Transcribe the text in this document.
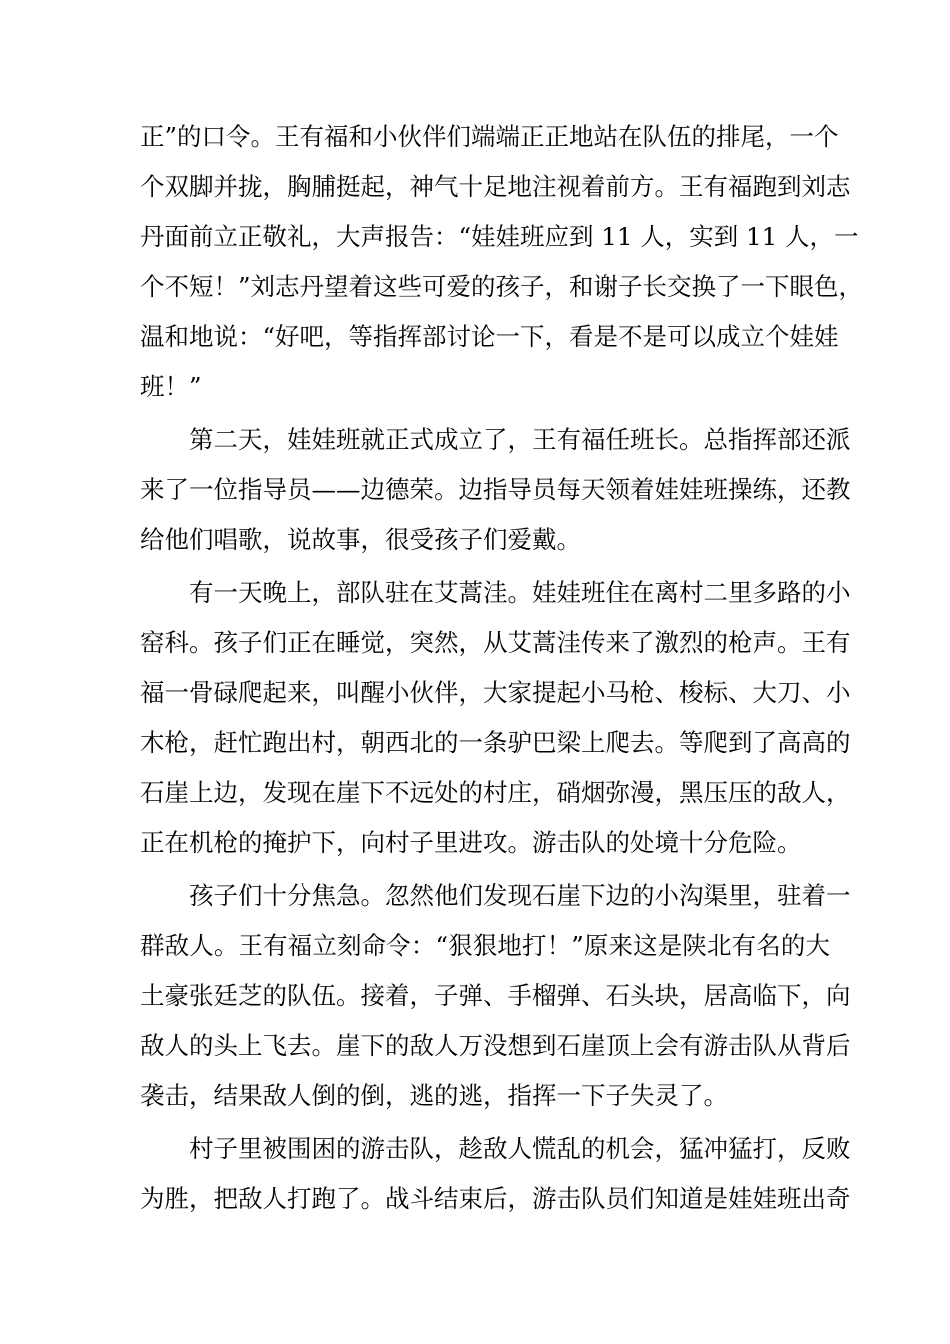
正”的口令。王有福和小伙伴们端端正正地站在队伍的排尾，一个
个双脚并拢，胸脯挺起，神气十足地注视着前方。王有福跑到刘志
丹面前立正敬礼，大声报告：“娃娃班应到 11 人，实到 11 人，一
个不短！”刘志丹望着这些可爱的孩子，和谢子长交换了一下眼色，
温和地说：“好吧，等指挥部讨论一下，看是不是可以成立个娃娃
班！”
第二天，娃娃班就正式成立了，王有福任班长。总指挥部还派
来了一位指导员——边德荣。边指导员每天领着娃娃班操练，还教
给他们唱歌，说故事，很受孩子们爱戴。
有一天晚上，部队驻在艾蒿洼。娃娃班住在离村二里多路的小
窑科。孩子们正在睡觉，突然，从艾蒿洼传来了激烈的枪声。王有
福一骨碌爬起来，叫醒小伙伴，大家提起小马枪、梭标、大刀、小
木枪，赶忙跑出村，朝西北的一条驴巴梁上爬去。等爬到了高高的
石崖上边，发现在崖下不远处的村庄，硝烟弥漫，黑压压的敌人，
正在机枪的掩护下，向村子里进攻。游击队的处境十分危险。
孩子们十分焦急。忽然他们发现石崖下边的小沟渠里，驻着一
群敌人。王有福立刻命令：“狠狠地打！”原来这是陕北有名的大
土豪张廷芝的队伍。接着，子弹、手榴弹、石头块，居高临下，向
敌人的头上飞去。崖下的敌人万没想到石崖顶上会有游击队从背后
袭击，结果敌人倒的倒，逃的逃，指挥一下子失灵了。
村子里被围困的游击队，趁敌人慌乱的机会，猛冲猛打，反败
为胜，把敌人打跑了。战斗结束后，游击队员们知道是娃娃班出奇
